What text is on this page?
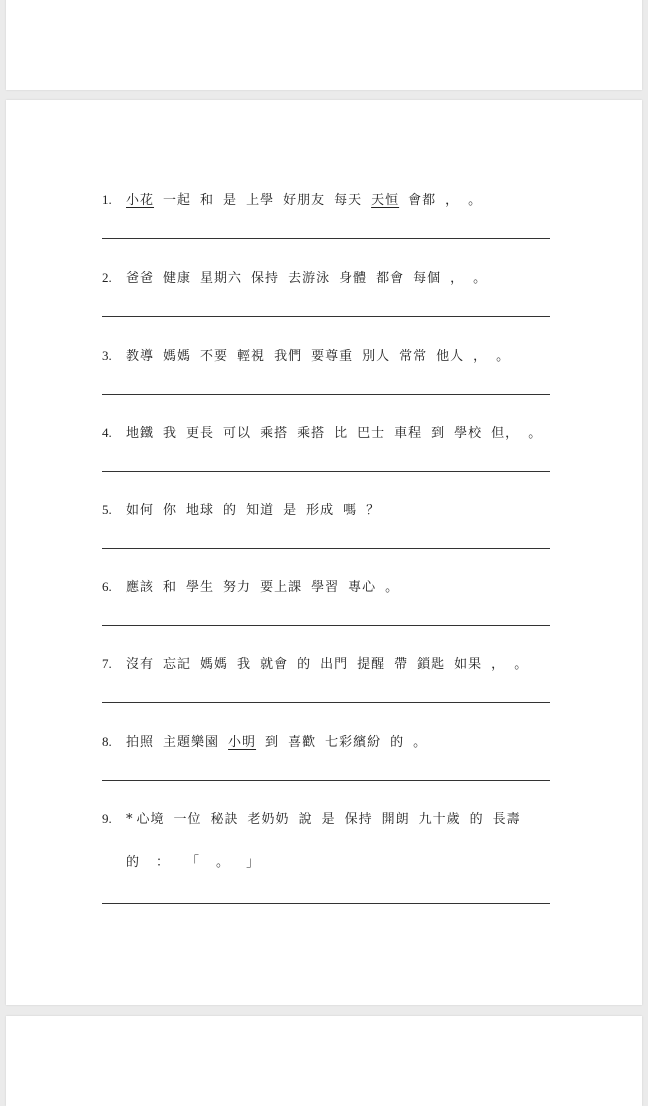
1.	小花 一起 和 是 上學 好朋友 每天 天恒 會都 ， 。
2.	爸爸 健康 星期六 保持 去游泳 身體 都會 每個 ， 。
3.	教導 媽媽 不要 輕視 我們 要尊重 別人 常常 他人 ， 。
4.	地鐵 我 更長 可以 乘搭 乘搭 比 巴士 車程 到 學校 但， 。
5.	如何 你 地球 的 知道 是 形成 嗎 ？
6.	應該 和 學生 努力 要上課 學習 專心 。
7.	沒有 忘記 媽媽 我 就會 的 出門 提醒 帶 鎖匙 如果 ， 。
8.	拍照 主題樂園 小明 到 喜歡 七彩繽紛 的 。
9.	* 心境 一位 秘訣 老奶奶 說 是 保持 開朗 九十歲 的 長壽
的 ： 「 。 」
